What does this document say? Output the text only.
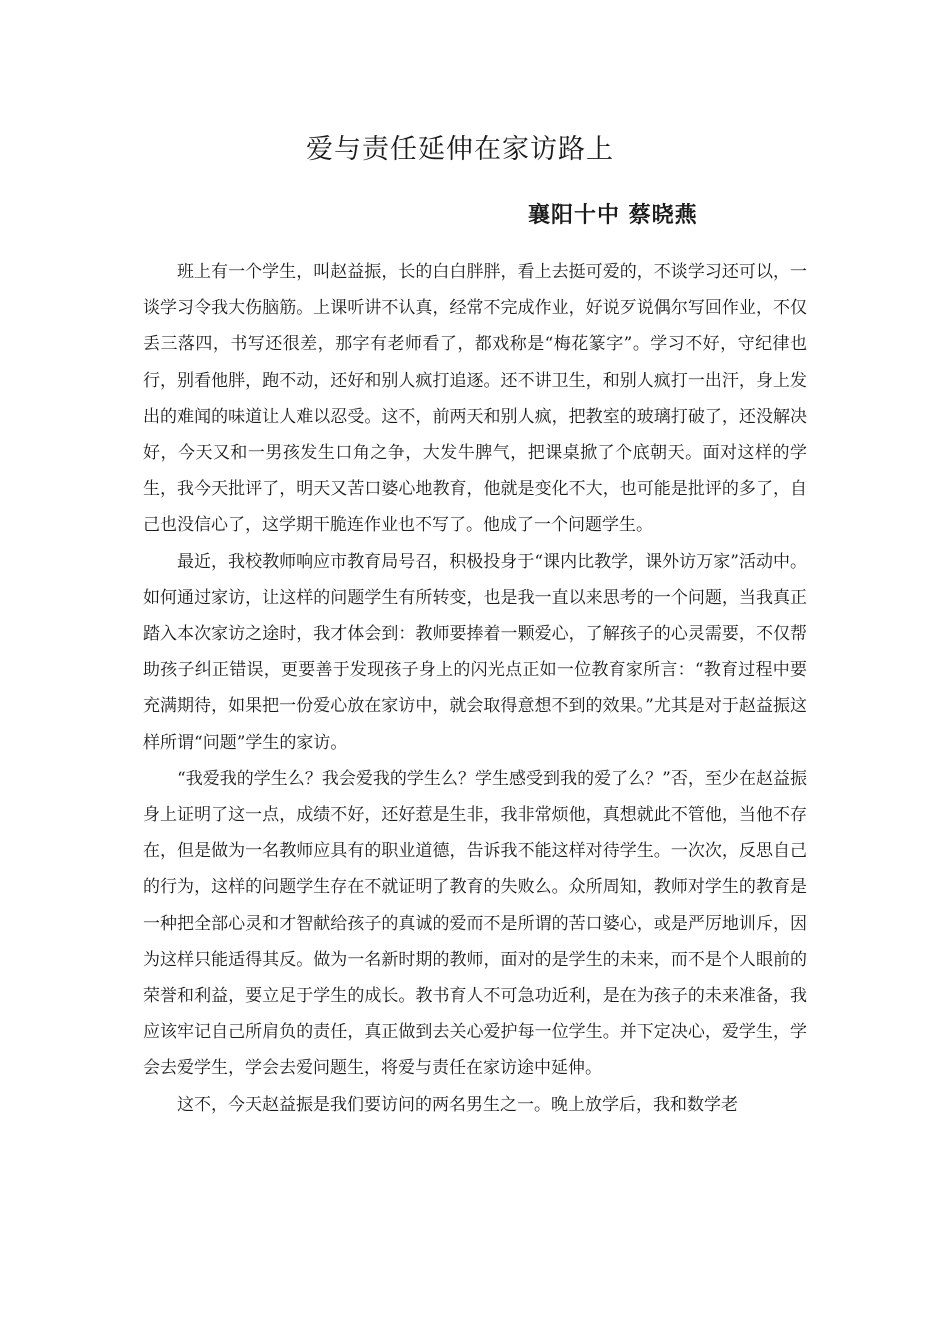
爱与责任延伸在家访路上

襄阳十中 蔡晓燕

班上有一个学生，叫赵益振，长的白白胖胖，看上去挺可爱的，不谈学习还可以，一谈学习令我大伤脑筋。上课听讲不认真，经常不完成作业，好说歹说偶尔写回作业，不仅丢三落四，书写还很差，那字有老师看了，都戏称是“梅花篆字”。学习不好，守纪律也行，别看他胖，跑不动，还好和别人疯打追逐。还不讲卫生，和别人疯打一出汗，身上发出的难闻的味道让人难以忍受。这不，前两天和别人疯，把教室的玻璃打破了，还没解决好，今天又和一男孩发生口角之争，大发牛脾气，把课桌掀了个底朝天。面对这样的学生，我今天批评了，明天又苦口婆心地教育，他就是变化不大，也可能是批评的多了，自己也没信心了，这学期干脆连作业也不写了。他成了一个问题学生。

最近，我校教师响应市教育局号召，积极投身于“课内比教学，课外访万家”活动中。如何通过家访，让这样的问题学生有所转变，也是我一直以来思考的一个问题，当我真正踏入本次家访之途时，我才体会到：教师要捧着一颗爱心，了解孩子的心灵需要，不仅帮助孩子纠正错误，更要善于发现孩子身上的闪光点正如一位教育家所言：“教育过程中要充满期待，如果把一份爱心放在家访中，就会取得意想不到的效果。”尤其是对于赵益振这样所谓“问题”学生的家访。

“我爱我的学生么？我会爱我的学生么？学生感受到我的爱了么？”否，至少在赵益振身上证明了这一点，成绩不好，还好惹是生非，我非常烦他，真想就此不管他，当他不存在，但是做为一名教师应具有的职业道德，告诉我不能这样对待学生。一次次，反思自己的行为，这样的问题学生存在不就证明了教育的失败么。众所周知，教师对学生的教育是一种把全部心灵和才智献给孩子的真诚的爱而不是所谓的苦口婆心，或是严厉地训斥，因为这样只能适得其反。做为一名新时期的教师，面对的是学生的未来，而不是个人眼前的荣誉和利益，要立足于学生的成长。教书育人不可急功近利，是在为孩子的未来准备，我应该牢记自己所肩负的责任，真正做到去关心爱护每一位学生。并下定决心，爱学生，学会去爱学生，学会去爱问题生，将爱与责任在家访途中延伸。

这不，今天赵益振是我们要访问的两名男生之一。晚上放学后，我和数学老
